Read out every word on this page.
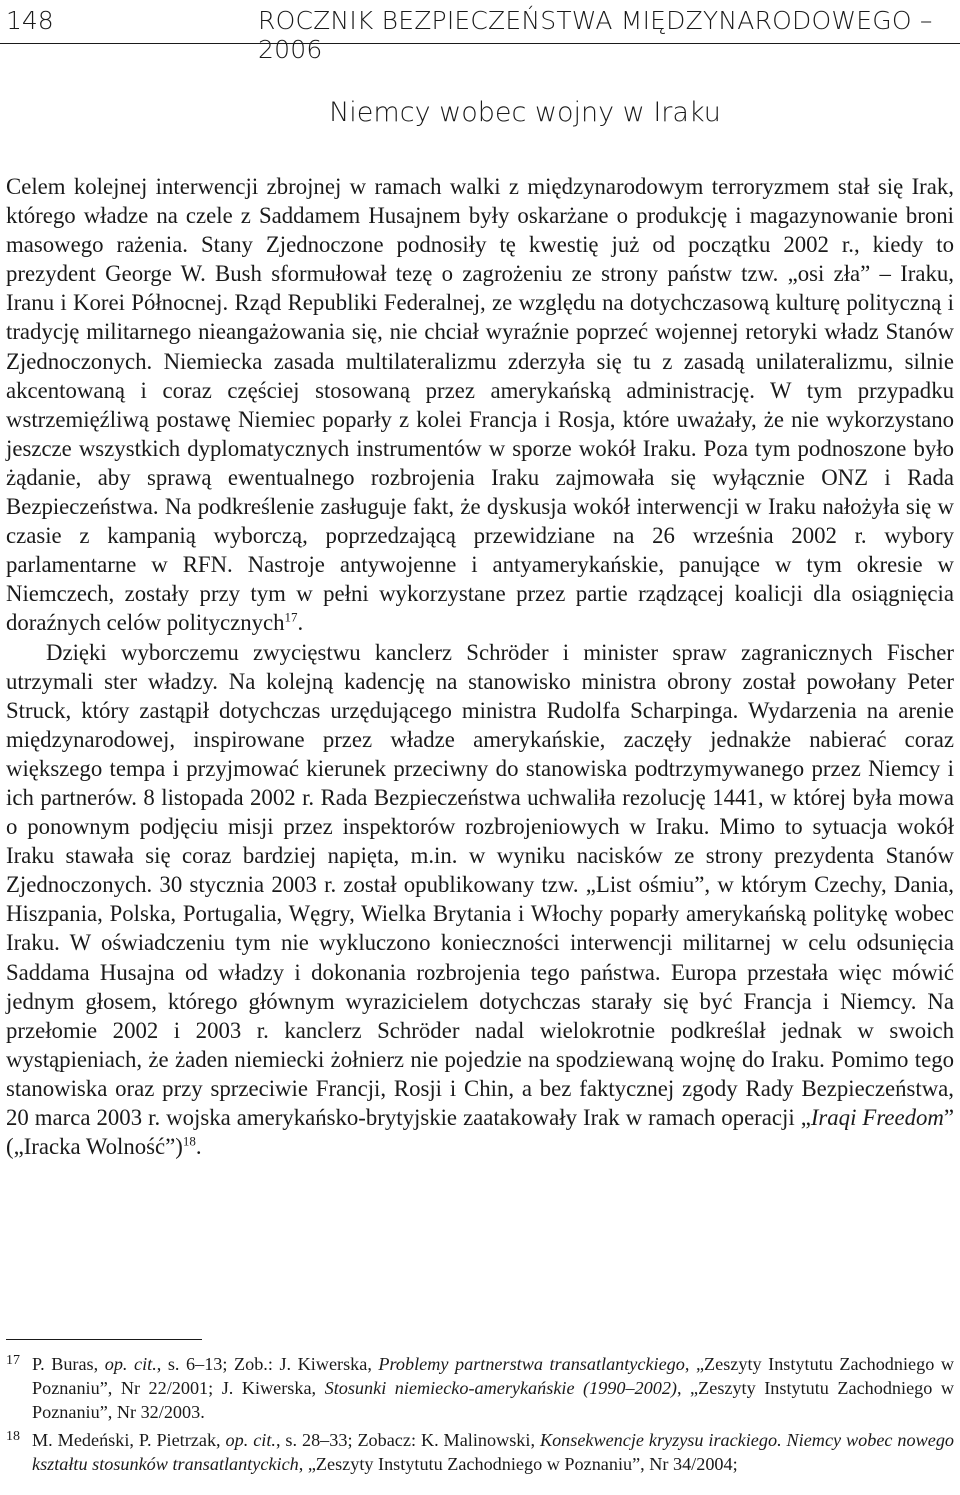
148	ROCZNIK BEZPIECZEŃSTWA MIĘDZYNARODOWEGO – 2006
Niemcy wobec wojny w Iraku

Celem kolejnej interwencji zbrojnej w ramach walki z międzynarodowym terroryzmem stał się Irak, którego władze na czele z Saddamem Husajnem były oskarżane o produkcję i magazynowanie broni masowego rażenia. Stany Zjednoczone podnosiły tę kwestię już od początku 2002 r., kiedy to prezydent George W. Bush sformułował tezę o zagrożeniu ze strony państw tzw. „osi zła” – Iraku, Iranu i Korei Północnej. Rząd Republiki Federalnej, ze względu na dotychczasową kulturę polityczną i tradycję militarnego nieangażowania się, nie chciał wyraźnie poprzeć wojennej retoryki władz Stanów Zjednoczonych. Niemiecka zasada multilateralizmu zderzyła się tu z zasadą unilateralizmu, silnie akcentowaną i coraz częściej stosowaną przez amerykańską administrację. W tym przypadku wstrzemięźliwą postawę Niemiec poparły z kolei Francja i Rosja, które uważały, że nie wykorzystano jeszcze wszystkich dyplomatycznych instrumentów w sporze wokół Iraku. Poza tym podnoszone było żądanie, aby sprawą ewentualnego rozbrojenia Iraku zajmowała się wyłącznie ONZ i Rada Bezpieczeństwa. Na podkreślenie zasługuje fakt, że dyskusja wokół interwencji w Iraku nałożyła się w czasie z kampanią wyborczą, poprzedzającą przewidziane na 26 września 2002 r. wybory parlamentarne w RFN. Nastroje antywojenne i antyamerykańskie, panujące w tym okresie w Niemczech, zostały przy tym w pełni wykorzystane przez partie rządzącej koalicji dla osiągnięcia doraźnych celów politycznych$^{17}$.

Dzięki wyborczemu zwycięstwu kanclerz Schröder i minister spraw zagranicznych Fischer utrzymali ster władzy. Na kolejną kadencję na stanowisko ministra obrony został powołany Peter Struck, który zastąpił dotychczas urzędującego ministra Rudolfa Scharpinga. Wydarzenia na arenie międzynarodowej, inspirowane przez władze amerykańskie, zaczęły jednakże nabierać coraz większego tempa i przyjmować kierunek przeciwny do stanowiska podtrzymywanego przez Niemcy i ich partnerów. 8 listopada 2002 r. Rada Bezpieczeństwa uchwaliła rezolucję 1441, w której była mowa o ponownym podjęciu misji przez inspektorów rozbrojeniowych w Iraku. Mimo to sytuacja wokół Iraku stawała się coraz bardziej napięta, m.in. w wyniku nacisków ze strony prezydenta Stanów Zjednoczonych. 30 stycznia 2003 r. został opublikowany tzw. „List ośmiu”, w którym Czechy, Dania, Hiszpania, Polska, Portugalia, Węgry, Wielka Brytania i Włochy poparły amerykańską politykę wobec Iraku. W oświadczeniu tym nie wykluczono konieczności interwencji militarnej w celu odsunięcia Saddama Husajna od władzy i dokonania rozbrojenia tego państwa. Europa przestała więc mówić jednym głosem, którego głównym wyrazicielem dotychczas starały się być Francja i Niemcy. Na przełomie 2002 i 2003 r. kanclerz Schröder nadal wielokrotnie podkreślał jednak w swoich wystąpieniach, że żaden niemiecki żołnierz nie pojedzie na spodziewaną wojnę do Iraku. Pomimo tego stanowiska oraz przy sprzeciwie Francji, Rosji i Chin, a bez faktycznej zgody Rady Bezpieczeństwa, 20 marca 2003 r. wojska amerykańsko-brytyjskie zaatakowały Irak w ramach operacji „Iraqi Freedom” („Iracka Wolność”)$^{18}$.

17 P. Buras, op. cit., s. 6–13; Zob.: J. Kiwerska, Problemy partnerstwa transatlantyckiego, „Zeszyty Instytutu Zachodniego w Poznaniu”, Nr 22/2001; J. Kiwerska, Stosunki niemiecko-amerykańskie (1990–2002), „Zeszyty Instytutu Zachodniego w Poznaniu”, Nr 32/2003.
18 M. Medeński, P. Pietrzak, op. cit., s. 28–33; Zobacz: K. Malinowski, Konsekwencje kryzysu irackiego. Niemcy wobec nowego kształtu stosunków transatlantyckich, „Zeszyty Instytutu Zachodniego w Poznaniu”, Nr 34/2004;
